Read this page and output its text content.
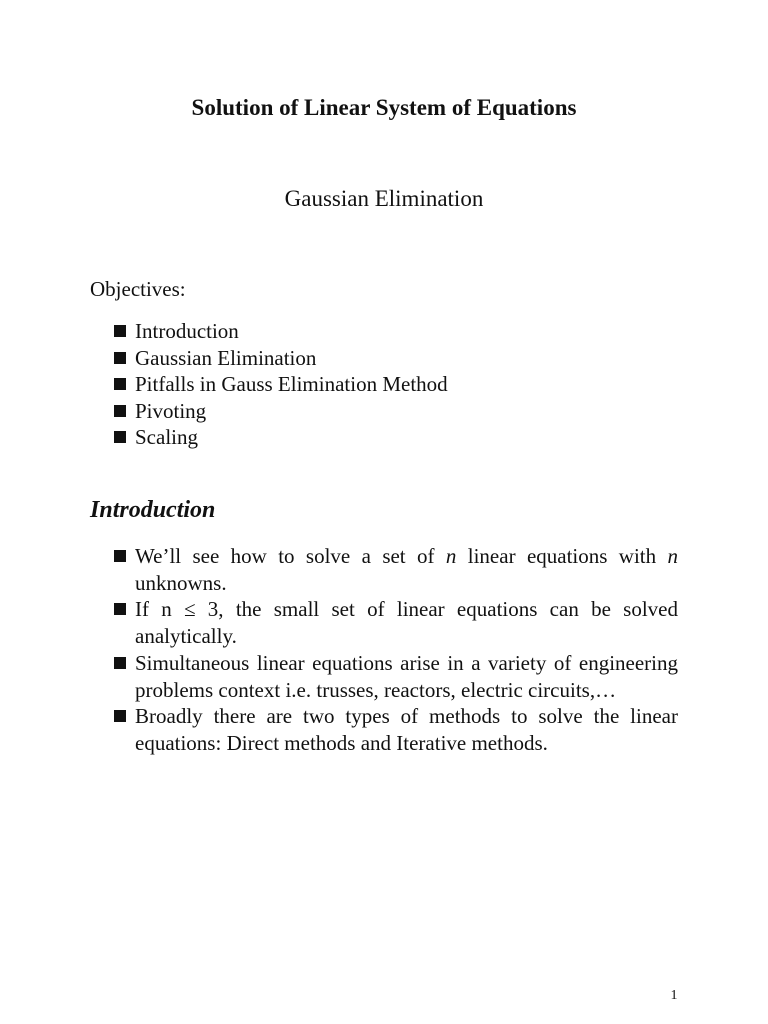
Solution of Linear System of Equations
Gaussian Elimination
Objectives:
Introduction
Gaussian Elimination
Pitfalls in Gauss Elimination Method
Pivoting
Scaling
Introduction
We’ll see how to solve a set of n linear equations with n unknowns.
If n ≤ 3, the small set of linear equations can be solved analytically.
Simultaneous linear equations arise in a variety of engineering problems context i.e. trusses, reactors, electric circuits,…
Broadly there are two types of methods to solve the linear equations: Direct methods and Iterative methods.
1
